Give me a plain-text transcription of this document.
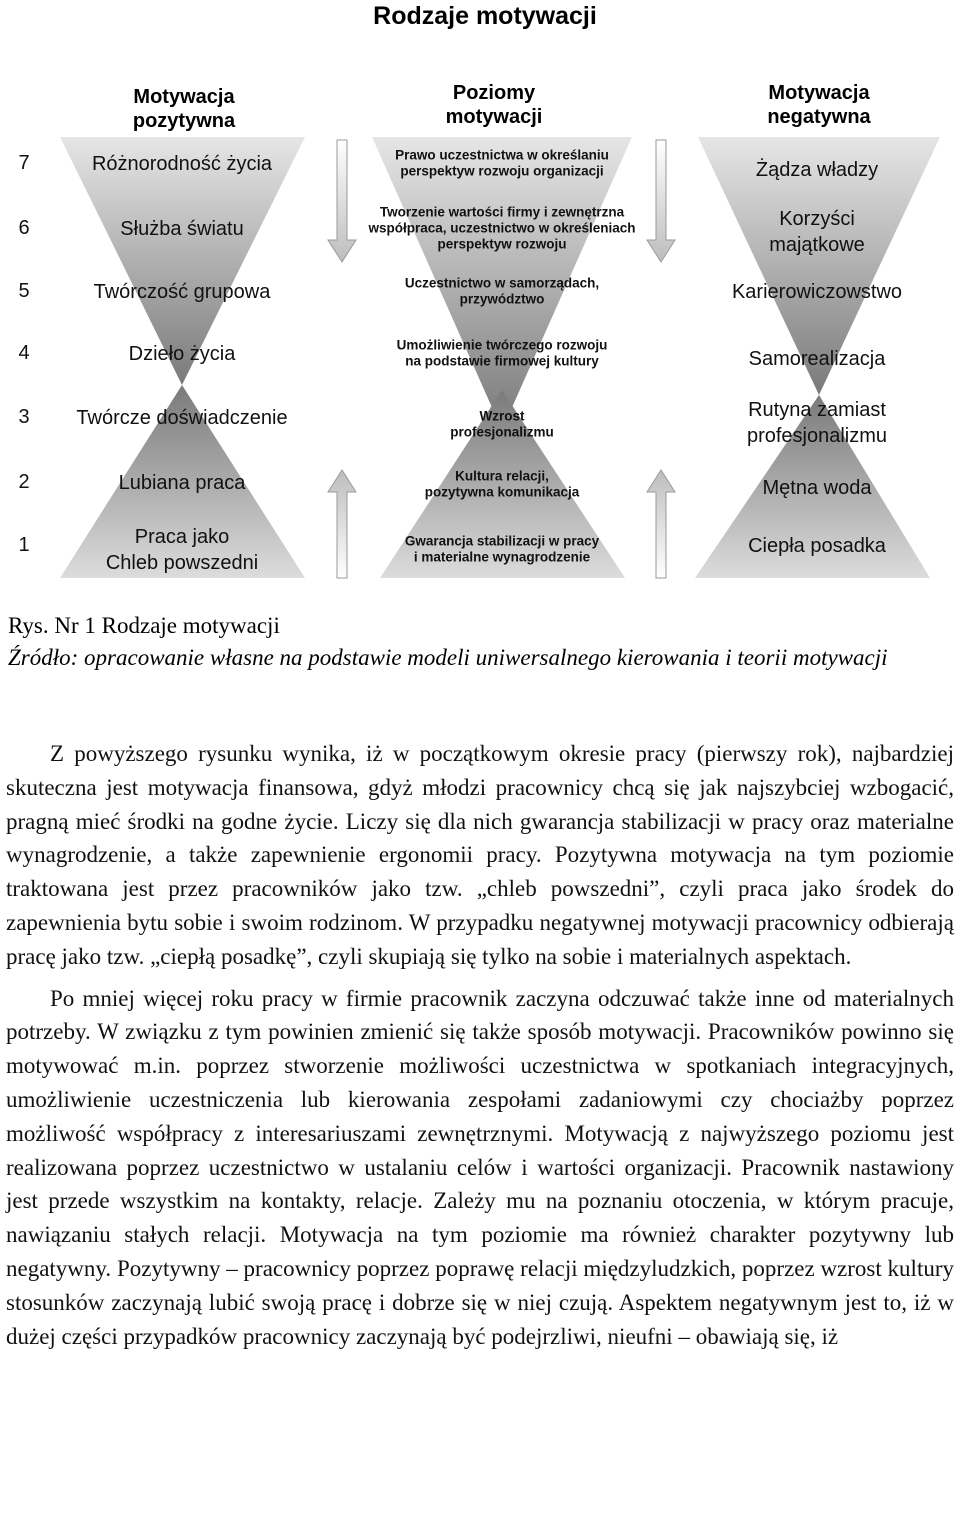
Rodzaje motywacji
Motywacja
pozytywna
Poziomy
motywacji
Motywacja
negatywna
7
6
5
4
3
2
1
Różnorodność życia
Służba światu
Twórczość grupowa
Dzieło życia
Twórcze doświadczenie
Lubiana praca
Praca jako
Chleb powszedni
Prawo uczestnictwa w określaniu
perspektyw rozwoju organizacji
Tworzenie wartości firmy i zewnętrzna
współpraca, uczestnictwo w określeniach
perspektyw rozwoju
Uczestnictwo w samorządach,
przywództwo
Umożliwienie twórczego rozwoju
na podstawie firmowej kultury
Wzrost
profesjonalizmu
Kultura relacji,
pozytywna komunikacja
Gwarancja stabilizacji w pracy
i materialne wynagrodzenie
Żądza władzy
Korzyści
majątkowe
Karierowiczowstwo
Samorealizacja
Rutyna zamiast
profesjonalizmu
Mętna woda
Ciepła posadka
Rys. Nr 1 Rodzaje motywacji
Źródło: opracowanie własne na podstawie modeli uniwersalnego kierowania i teorii motywacji

Z powyższego rysunku wynika, iż w początkowym okresie pracy (pierwszy rok), najbardziej skuteczna jest motywacja finansowa, gdyż młodzi pracownicy chcą się jak najszybciej wzbogacić, pragną mieć środki na godne życie. Liczy się dla nich gwarancja stabilizacji w pracy oraz materialne wynagrodzenie, a także zapewnienie ergonomii pracy. Pozytywna motywacja na tym poziomie traktowana jest przez pracowników jako tzw. „chleb powszedni”, czyli praca jako środek do zapewnienia bytu sobie i swoim rodzinom. W przypadku negatywnej motywacji pracownicy odbierają pracę jako tzw. „ciepłą posadkę”, czyli skupiają się tylko na sobie i materialnych aspektach.

Po mniej więcej roku pracy w firmie pracownik zaczyna odczuwać także inne od materialnych potrzeby. W związku z tym powinien zmienić się także sposób motywacji. Pracowników powinno się motywować m.in. poprzez stworzenie możliwości uczestnictwa w spotkaniach integracyjnych, umożliwienie uczestniczenia lub kierowania zespołami zadaniowymi czy chociażby poprzez możliwość współpracy z interesariuszami zewnętrznymi. Motywacją z najwyższego poziomu jest realizowana poprzez uczestnictwo w ustalaniu celów i wartości organizacji. Pracownik nastawiony jest przede wszystkim na kontakty, relacje. Zależy mu na poznaniu otoczenia, w którym pracuje, nawiązaniu stałych relacji. Motywacja na tym poziomie ma również charakter pozytywny lub negatywny. Pozytywny – pracownicy poprzez poprawę relacji międzyludzkich, poprzez wzrost kultury stosunków zaczynają lubić swoją pracę i dobrze się w niej czują. Aspektem negatywnym jest to, iż w dużej części przypadków pracownicy zaczynają być podejrzliwi, nieufni – obawiają się, iż
